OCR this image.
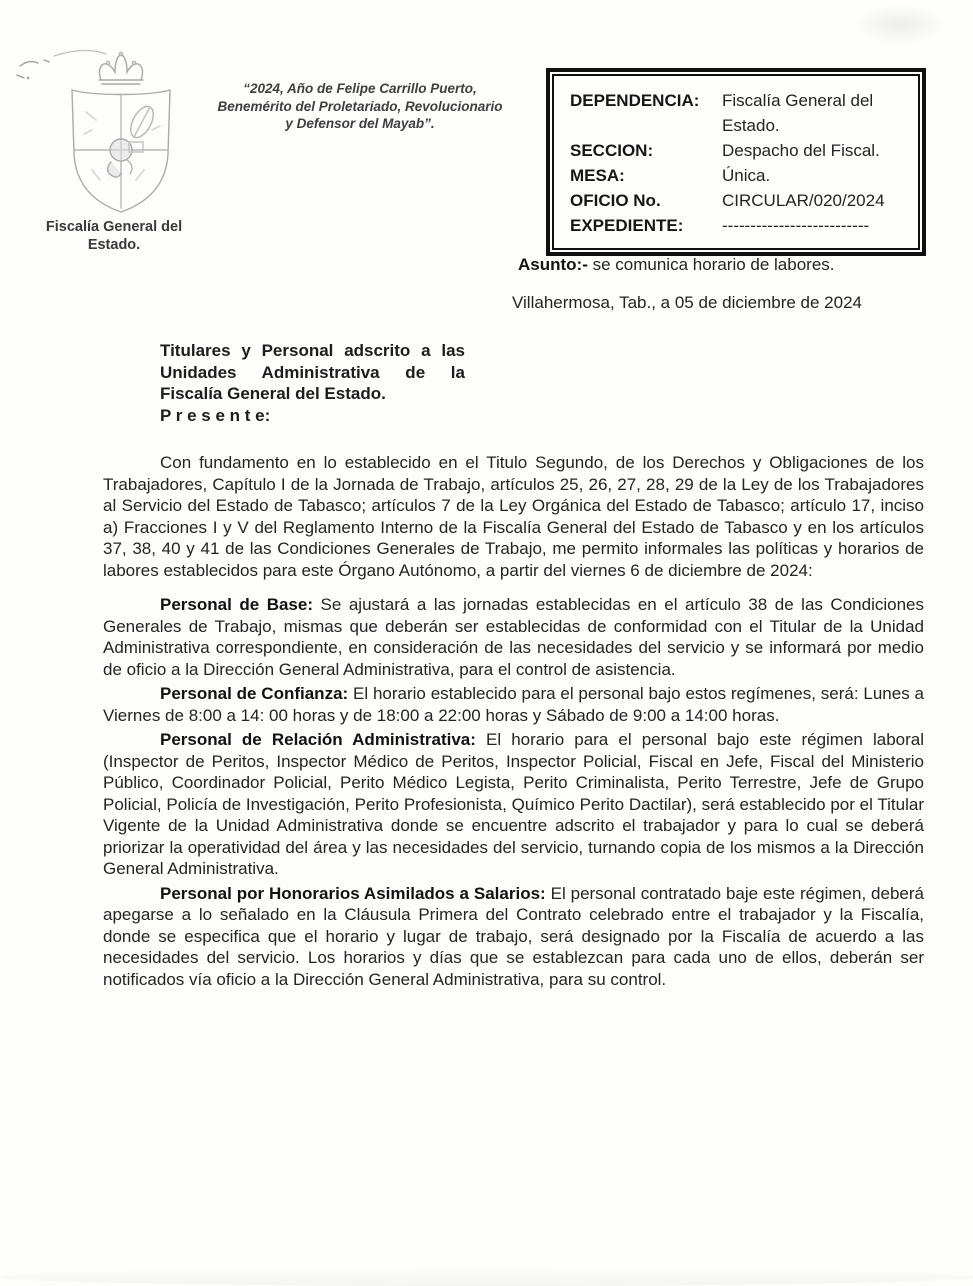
Fiscalía General del
Estado.
“2024, Año de Felipe Carrillo Puerto,
Benemérito del Proletariado, Revolucionario
y Defensor del Mayab”.
DEPENDENCIA:	Fiscalía General del Estado.
SECCION:	Despacho del Fiscal.
MESA:	Única.
OFICIO No.	CIRCULAR/020/2024
EXPEDIENTE:	--------------------------
Asunto:- se comunica horario de labores.
Villahermosa, Tab., a 05 de diciembre de 2024
Titulares y Personal adscrito a las
Unidades Administrativa de la
Fiscalía General del Estado.
P r e s e n t e:

Con fundamento en lo establecido en el Titulo Segundo, de los Derechos y Obligaciones de los Trabajadores, Capítulo I de la Jornada de Trabajo, artículos 25, 26, 27, 28, 29 de la Ley de los Trabajadores al Servicio del Estado de Tabasco; artículos 7 de la Ley Orgánica del Estado de Tabasco; artículo 17, inciso a) Fracciones I y V del Reglamento Interno de la Fiscalía General del Estado de Tabasco y en los artículos 37, 38, 40 y 41 de las Condiciones Generales de Trabajo, me permito informales las políticas y horarios de labores establecidos para este Órgano Autónomo, a partir del viernes 6 de diciembre de 2024:

Personal de Base: Se ajustará a las jornadas establecidas en el artículo 38 de las Condiciones Generales de Trabajo, mismas que deberán ser establecidas de conformidad con el Titular de la Unidad Administrativa correspondiente, en consideración de las necesidades del servicio y se informará por medio de oficio a la Dirección General Administrativa, para el control de asistencia.

Personal de Confianza: El horario establecido para el personal bajo estos regímenes, será: Lunes a Viernes de 8:00 a 14: 00 horas y de 18:00 a 22:00 horas y Sábado de 9:00 a 14:00 horas.

Personal de Relación Administrativa: El horario para el personal bajo este régimen laboral (Inspector de Peritos, Inspector Médico de Peritos, Inspector Policial, Fiscal en Jefe, Fiscal del Ministerio Público, Coordinador Policial, Perito Médico Legista, Perito Criminalista, Perito Terrestre, Jefe de Grupo Policial, Policía de Investigación, Perito Profesionista, Químico Perito Dactilar), será establecido por el Titular Vigente de la Unidad Administrativa donde se encuentre adscrito el trabajador y para lo cual se deberá priorizar la operatividad del área y las necesidades del servicio, turnando copia de los mismos a la Dirección General Administrativa.

Personal por Honorarios Asimilados a Salarios: El personal contratado baje este régimen, deberá apegarse a lo señalado en la Cláusula Primera del Contrato celebrado entre el trabajador y la Fiscalía, donde se especifica que el horario y lugar de trabajo, será designado por la Fiscalía de acuerdo a las necesidades del servicio. Los horarios y días que se establezcan para cada uno de ellos, deberán ser notificados vía oficio a la Dirección General Administrativa, para su control.
